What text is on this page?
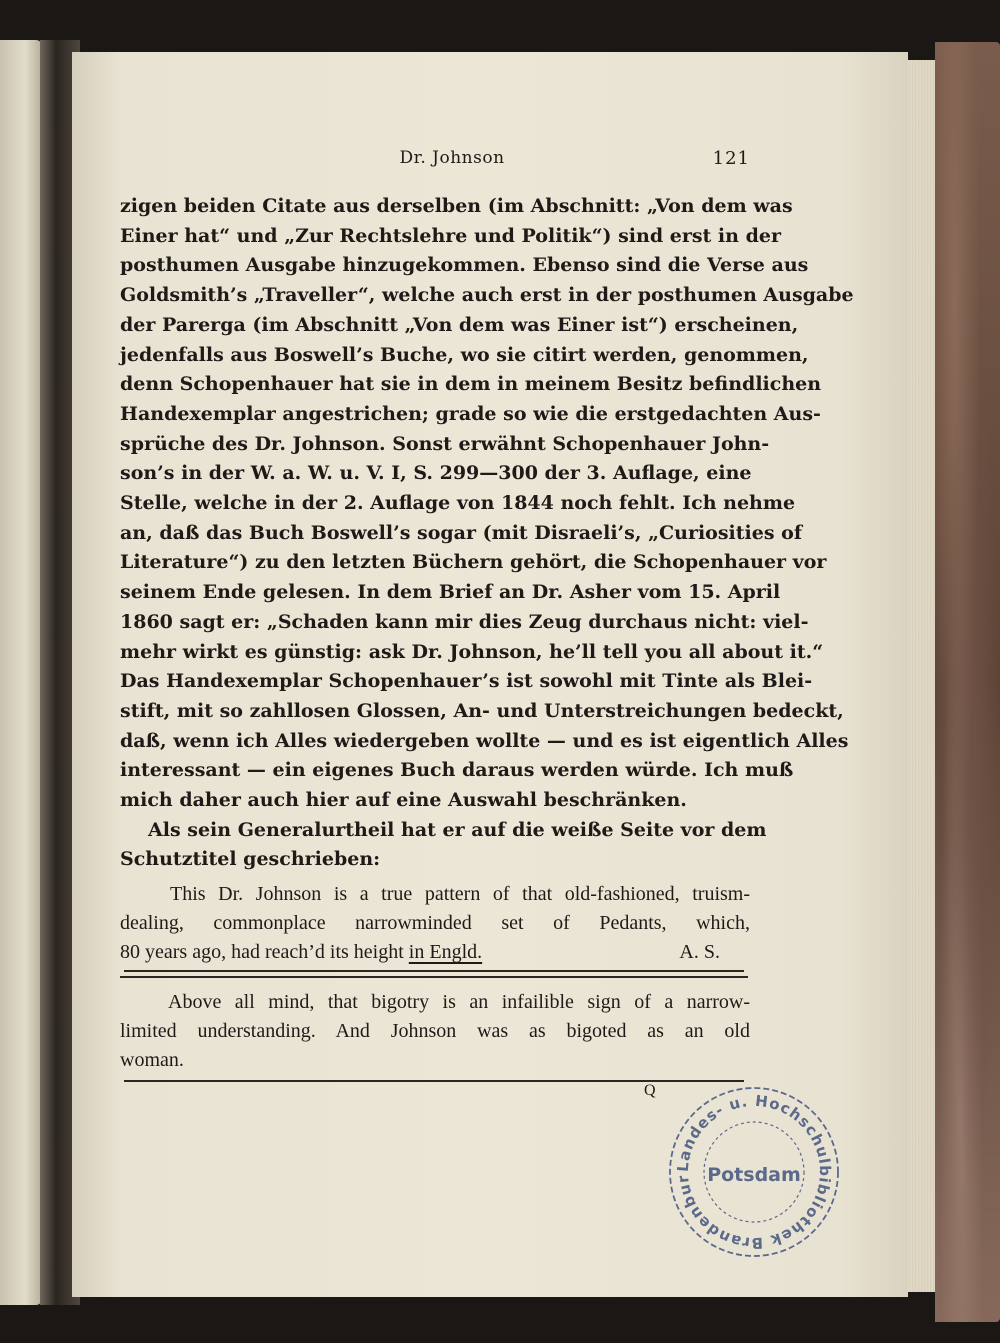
Dr. Johnson	121
zigen beiden Citate aus derselben (im Abschnitt: „Von dem was
Einer hat“ und „Zur Rechtslehre und Politik“) sind erst in der
posthumen Ausgabe hinzugekommen. Ebenso sind die Verse aus
Goldsmith’s „Traveller“, welche auch erst in der posthumen Ausgabe
der Parerga (im Abschnitt „Von dem was Einer ist“) erscheinen,
jedenfalls aus Boswell’s Buche, wo sie citirt werden, genommen,
denn Schopenhauer hat sie in dem in meinem Besitz befindlichen
Handexemplar angestrichen; grade so wie die erstgedachten Aus-
sprüche des Dr. Johnson. Sonst erwähnt Schopenhauer John-
son’s in der W. a. W. u. V. I, S. 299—300 der 3. Auflage, eine
Stelle, welche in der 2. Auflage von 1844 noch fehlt. Ich nehme
an, daß das Buch Boswell’s sogar (mit Disraeli’s, „Curiosities of
Literature“) zu den letzten Büchern gehört, die Schopenhauer vor
seinem Ende gelesen. In dem Brief an Dr. Asher vom 15. April
1860 sagt er: „Schaden kann mir dies Zeug durchaus nicht: viel-
mehr wirkt es günstig: ask Dr. Johnson, he’ll tell you all about it.“
Das Handexemplar Schopenhauer’s ist sowohl mit Tinte als Blei-
stift, mit so zahllosen Glossen, An- und Unterstreichungen bedeckt,
daß, wenn ich Alles wiedergeben wollte — und es ist eigentlich Alles
interessant — ein eigenes Buch daraus werden würde. Ich muß
mich daher auch hier auf eine Auswahl beschränken.
Als sein Generalurtheil hat er auf die weiße Seite vor dem
Schutztitel geschrieben:
This Dr. Johnson is a true pattern of that old-fashioned, truism-
dealing, commonplace narrowminded set of Pedants, which,
80 years ago, had reach’d its height in Engld.	A. S.
Above all mind, that bigotry is an infailible sign of a narrow-
limited understanding. And Johnson was as bigoted as an old
woman.
Q
Landes- u. Hochschulbibliothek Brandenbur Potsdam
